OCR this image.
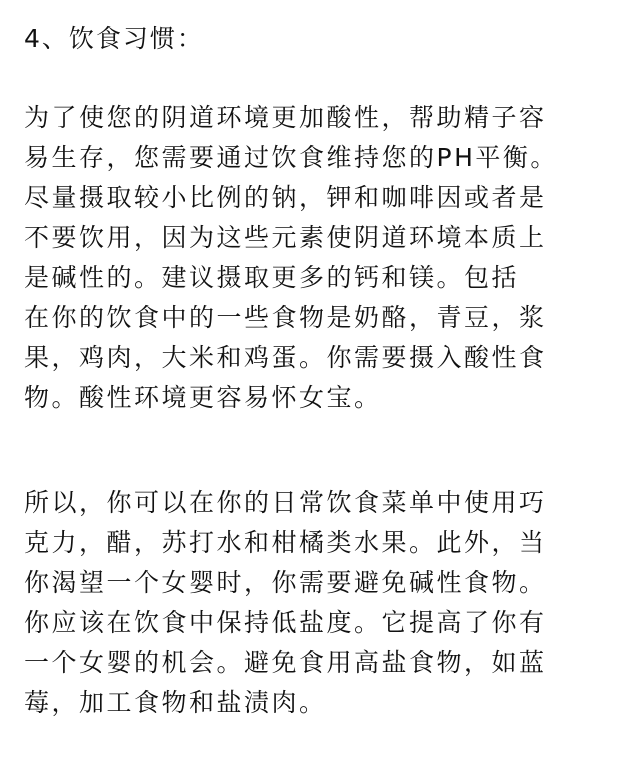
4、饮食习惯：
为了使您的阴道环境更加酸性，帮助精子容
易生存，您需要通过饮食维持您的PH平衡。
尽量摄取较小比例的钠，钾和咖啡因或者是
不要饮用，因为这些元素使阴道环境本质上
是碱性的。建议摄取更多的钙和镁。包括
在你的饮食中的一些食物是奶酪，青豆，浆
果，鸡肉，大米和鸡蛋。你需要摄入酸性食
物。酸性环境更容易怀女宝。
所以，你可以在你的日常饮食菜单中使用巧
克力，醋，苏打水和柑橘类水果。此外，当
你渴望一个女婴时，你需要避免碱性食物。
你应该在饮食中保持低盐度。它提高了你有
一个女婴的机会。避免食用高盐食物，如蓝
莓，加工食物和盐渍肉。
